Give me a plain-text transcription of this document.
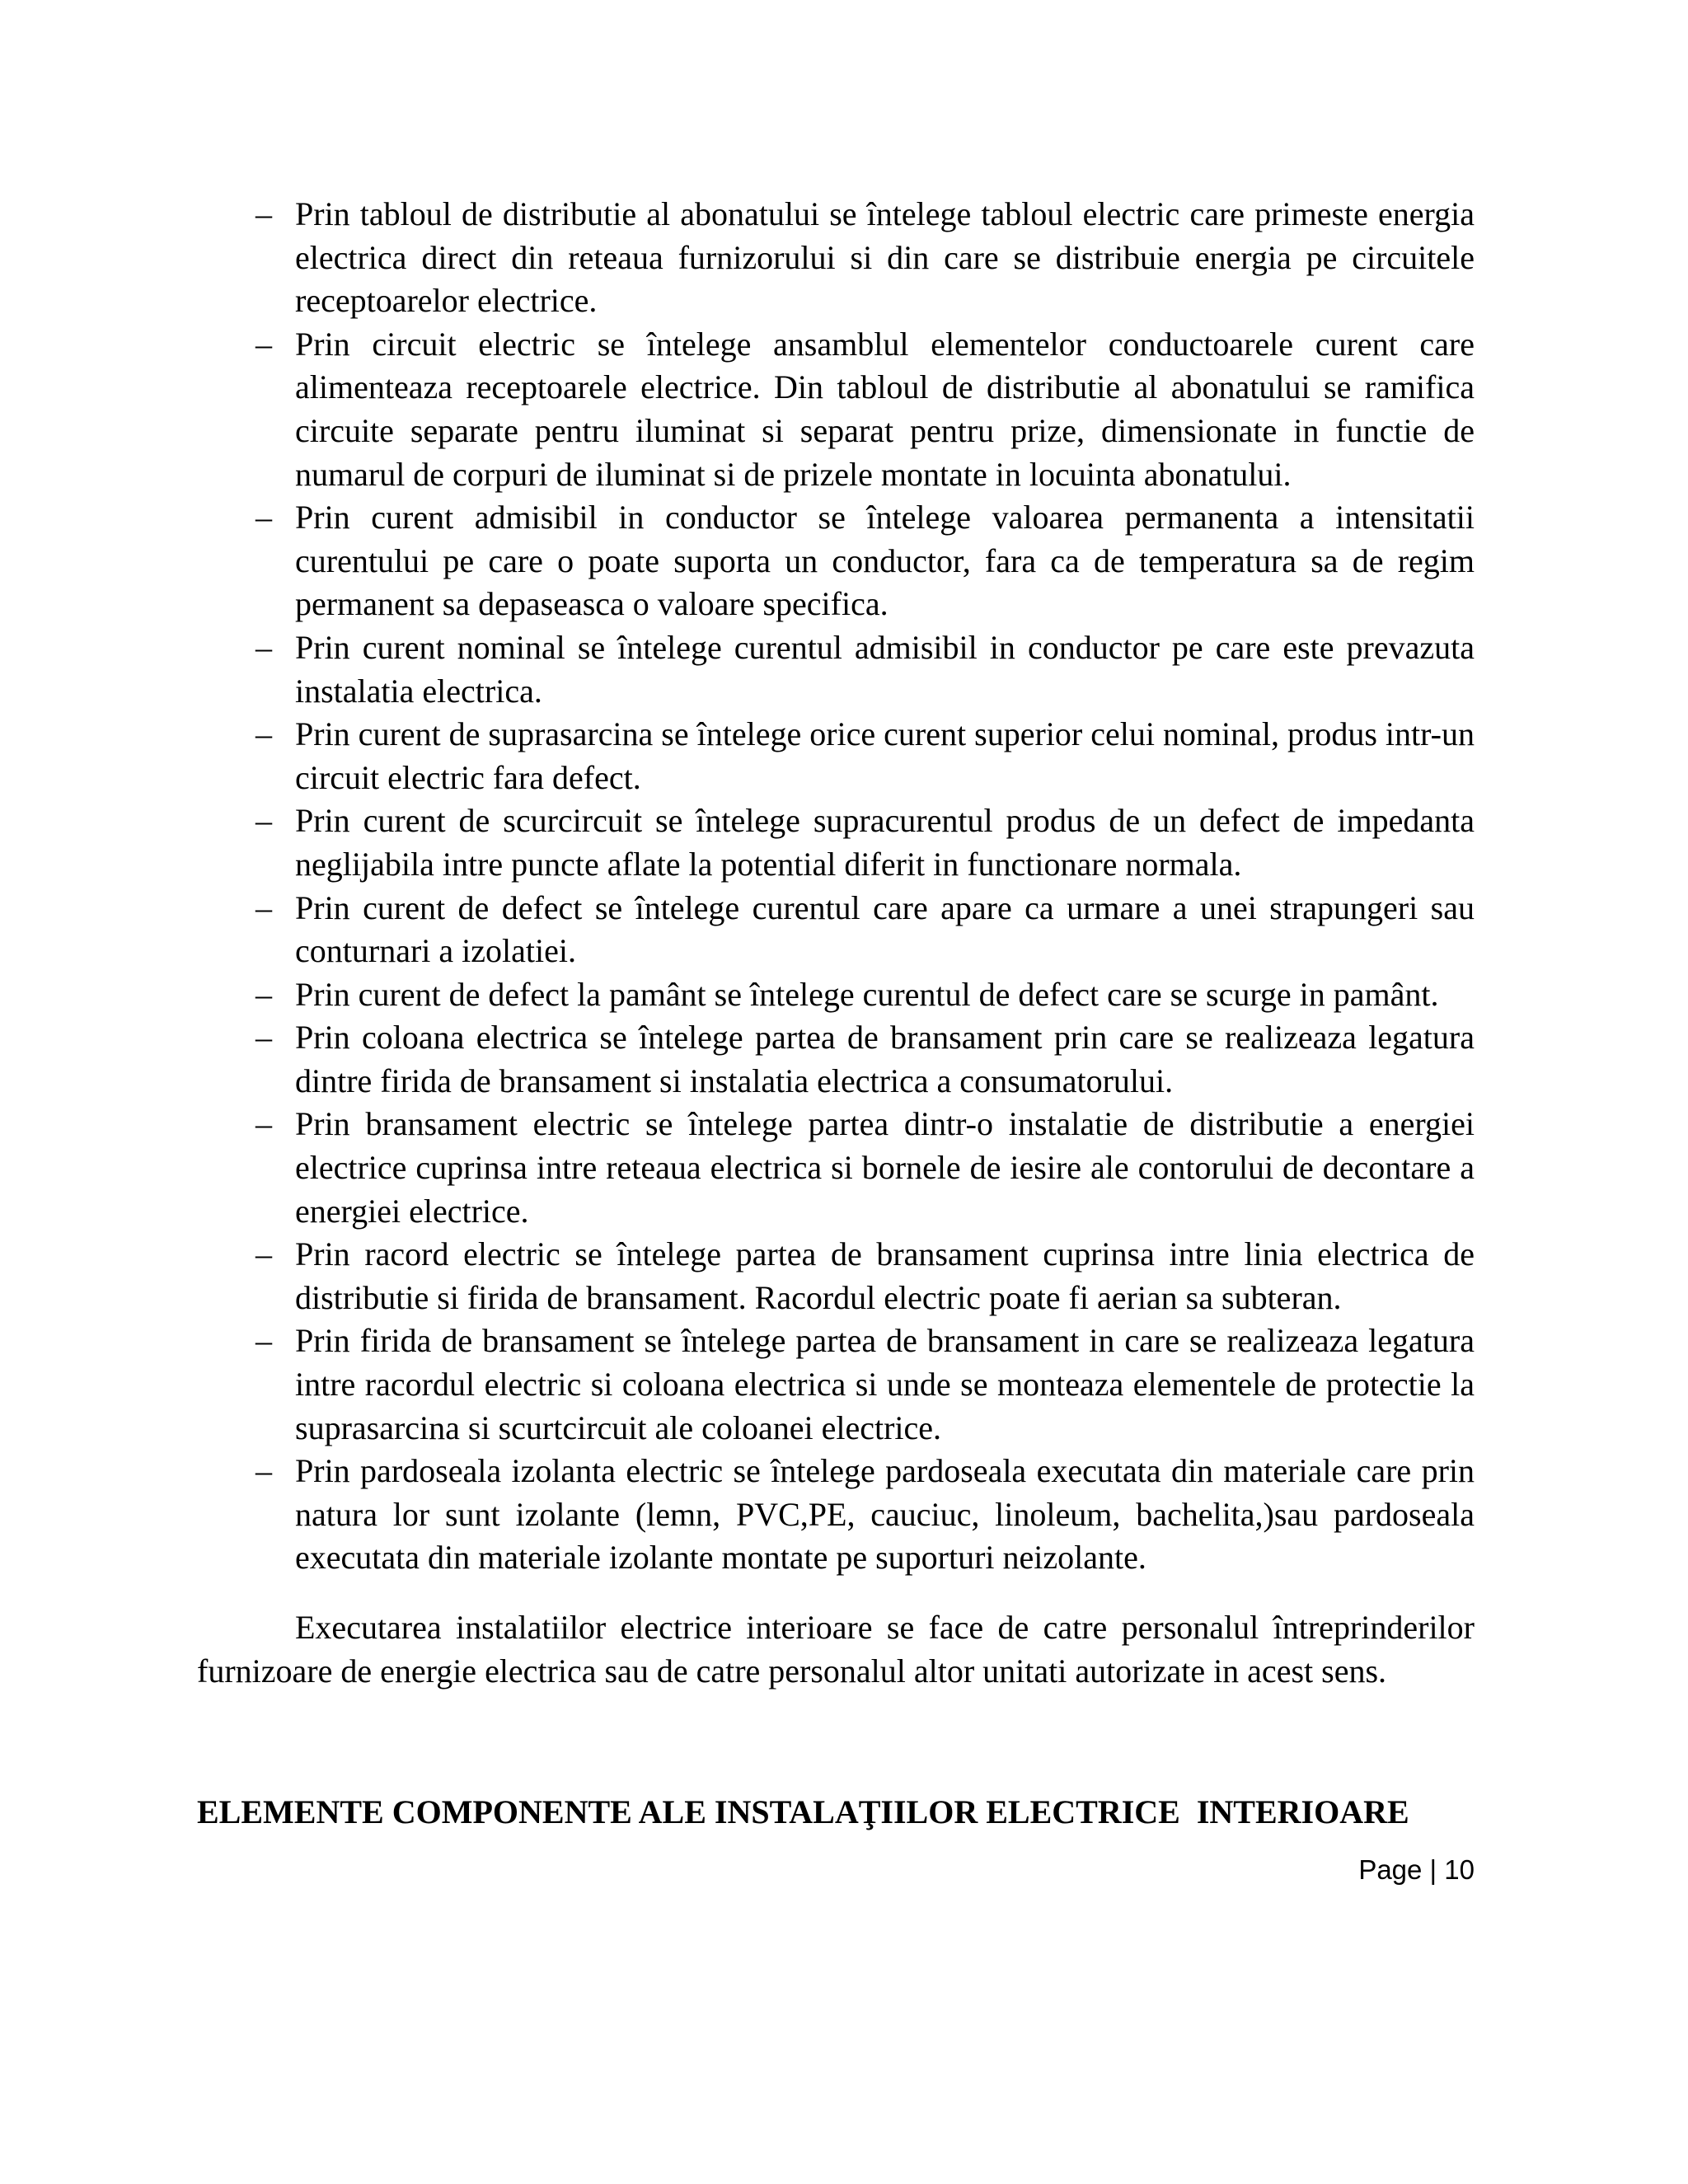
– Prin tabloul de distributie al abonatului se întelege tabloul electric care primeste energia
electrica direct din reteaua furnizorului si din care se distribuie energia pe circuitele
receptoarelor electrice.
– Prin circuit electric se întelege ansamblul elementelor conductoarele curent care
alimenteaza receptoarele electrice. Din tabloul de distributie al abonatului se ramifica
circuite separate pentru iluminat si separat pentru prize, dimensionate in functie de
numarul de corpuri de iluminat si de prizele montate in locuinta abonatului.
– Prin curent admisibil in conductor se întelege valoarea permanenta a intensitatii
curentului pe care o poate suporta un conductor, fara ca de temperatura sa de regim
permanent sa depaseasca o valoare specifica.
– Prin curent nominal se întelege curentul admisibil in conductor pe care este prevazuta
instalatia electrica.
– Prin curent de suprasarcina se întelege orice curent superior celui nominal, produs intr-un
circuit electric fara defect.
– Prin curent de scurcircuit se întelege supracurentul produs de un defect de impedanta
neglijabila intre puncte aflate la potential diferit in functionare normala.
– Prin curent de defect se întelege curentul care apare ca urmare a unei strapungeri sau
conturnari a izolatiei.
– Prin curent de defect la pamânt se întelege curentul de defect care se scurge in pamânt.
– Prin coloana electrica se întelege partea de bransament prin care se realizeaza legatura
dintre firida de bransament si instalatia electrica a consumatorului.
– Prin bransament electric se întelege partea dintr-o instalatie de distributie a energiei
electrice cuprinsa intre reteaua electrica si bornele de iesire ale contorului de decontare a
energiei electrice.
– Prin racord electric se întelege partea de bransament cuprinsa intre linia electrica de
distributie si firida de bransament. Racordul electric poate fi aerian sa subteran.
– Prin firida de bransament se întelege partea de bransament in care se realizeaza legatura
intre racordul electric si coloana electrica si unde se monteaza elementele de protectie la
suprasarcina si scurtcircuit ale coloanei electrice.
– Prin pardoseala izolanta electric se întelege pardoseala executata din materiale care prin
natura lor sunt izolante (lemn, PVC,PE, cauciuc, linoleum, bachelita,)sau pardoseala
executata din materiale izolante montate pe suporturi neizolante.
Executarea instalatiilor electrice interioare se face de catre personalul întreprinderilor
furnizoare de energie electrica sau de catre personalul altor unitati autorizate in acest sens.
ELEMENTE COMPONENTE ALE INSTALAŢIILOR ELECTRICE  INTERIOARE
Page | 10
